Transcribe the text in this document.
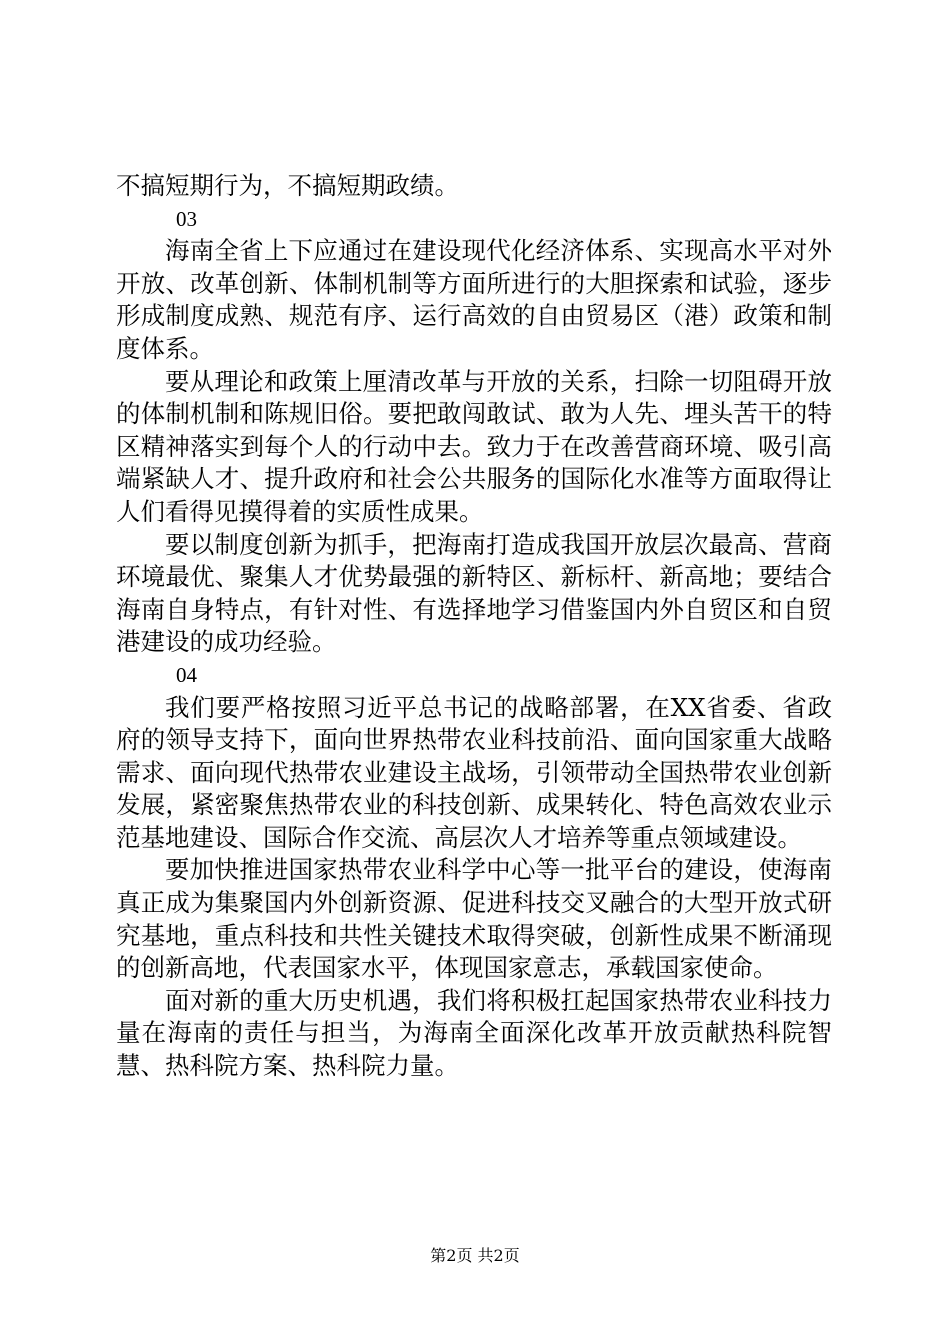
不搞短期行为，不搞短期政绩。

03

海南全省上下应通过在建设现代化经济体系、实现高水平对外开放、改革创新、体制机制等方面所进行的大胆探索和试验，逐步形成制度成熟、规范有序、运行高效的自由贸易区（港）政策和制度体系。

要从理论和政策上厘清改革与开放的关系，扫除一切阻碍开放的体制机制和陈规旧俗。要把敢闯敢试、敢为人先、埋头苦干的特区精神落实到每个人的行动中去。致力于在改善营商环境、吸引高端紧缺人才、提升政府和社会公共服务的国际化水准等方面取得让人们看得见摸得着的实质性成果。

要以制度创新为抓手，把海南打造成我国开放层次最高、营商环境最优、聚集人才优势最强的新特区、新标杆、新高地；要结合海南自身特点，有针对性、有选择地学习借鉴国内外自贸区和自贸港建设的成功经验。

04

我们要严格按照习近平总书记的战略部署，在XX省委、省政府的领导支持下，面向世界热带农业科技前沿、面向国家重大战略需求、面向现代热带农业建设主战场，引领带动全国热带农业创新发展，紧密聚焦热带农业的科技创新、成果转化、特色高效农业示范基地建设、国际合作交流、高层次人才培养等重点领域建设。

要加快推进国家热带农业科学中心等一批平台的建设，使海南真正成为集聚国内外创新资源、促进科技交叉融合的大型开放式研究基地，重点科技和共性关键技术取得突破，创新性成果不断涌现的创新高地，代表国家水平，体现国家意志，承载国家使命。

面对新的重大历史机遇，我们将积极扛起国家热带农业科技力量在海南的责任与担当，为海南全面深化改革开放贡献热科院智慧、热科院方案、热科院力量。

第2页 共2页
